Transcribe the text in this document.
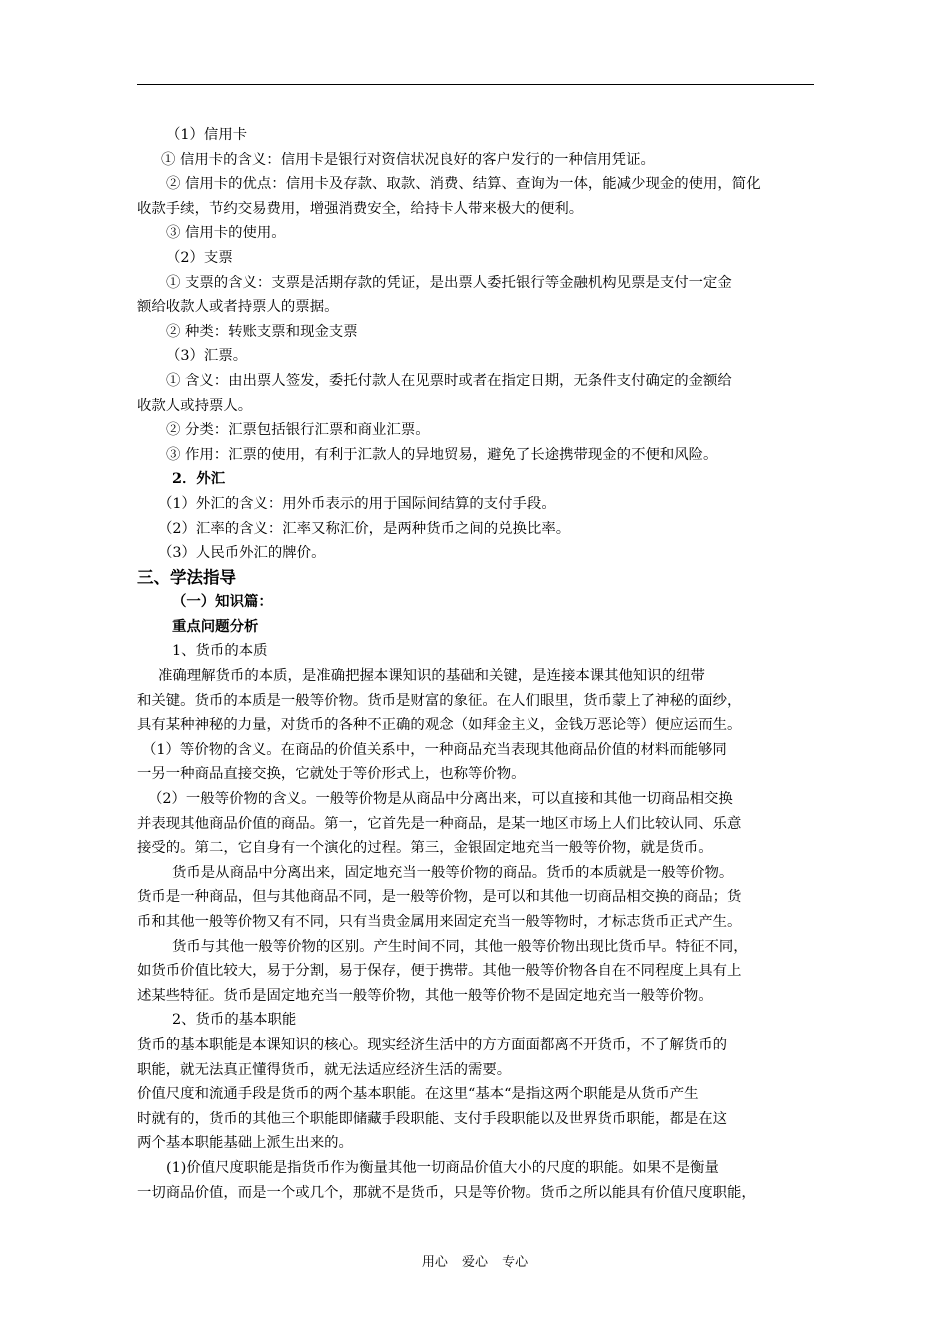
（1）信用卡

① 信用卡的含义：信用卡是银行对资信状况良好的客户发行的一种信用凭证。

② 信用卡的优点：信用卡及存款、取款、消费、结算、查询为一体，能减少现金的使用，简化

收款手续，节约交易费用，增强消费安全，给持卡人带来极大的便利。

③ 信用卡的使用。

（2）支票

① 支票的含义：支票是活期存款的凭证，是出票人委托银行等金融机构见票是支付一定金

额给收款人或者持票人的票据。

② 种类：转账支票和现金支票

（3）汇票。

① 含义：由出票人签发，委托付款人在见票时或者在指定日期，无条件支付确定的金额给

收款人或持票人。

② 分类：汇票包括银行汇票和商业汇票。

③ 作用：汇票的使用，有利于汇款人的异地贸易，避免了长途携带现金的不便和风险。

2．外汇

（1）外汇的含义：用外币表示的用于国际间结算的支付手段。

（2）汇率的含义：汇率又称汇价，是两种货币之间的兑换比率。

（3）人民币外汇的牌价。

三、学法指导

（一）知识篇：

重点问题分析

1、货币的本质

准确理解货币的本质，是准确把握本课知识的基础和关键，是连接本课其他知识的纽带

和关键。货币的本质是一般等价物。货币是财富的象征。在人们眼里，货币蒙上了神秘的面纱，

具有某种神秘的力量，对货币的各种不正确的观念（如拜金主义，金钱万恶论等）便应运而生。

（1）等价物的含义。在商品的价值关系中，一种商品充当表现其他商品价值的材料而能够同

一另一种商品直接交换，它就处于等价形式上，也称等价物。

（2）一般等价物的含义。一般等价物是从商品中分离出来，可以直接和其他一切商品相交换

并表现其他商品价值的商品。第一，它首先是一种商品，是某一地区市场上人们比较认同、乐意

接受的。第二，它自身有一个演化的过程。第三，金银固定地充当一般等价物，就是货币。

货币是从商品中分离出来，固定地充当一般等价物的商品。货币的本质就是一般等价物。

货币是一种商品，但与其他商品不同，是一般等价物，是可以和其他一切商品相交换的商品；货

币和其他一般等价物又有不同，只有当贵金属用来固定充当一般等物时，才标志货币正式产生。

货币与其他一般等价物的区别。产生时间不同，其他一般等价物出现比货币早。特征不同，

如货币价值比较大，易于分割，易于保存，便于携带。其他一般等价物各自在不同程度上具有上

述某些特征。货币是固定地充当一般等价物，其他一般等价物不是固定地充当一般等价物。

2、货币的基本职能

货币的基本职能是本课知识的核心。现实经济生活中的方方面面都离不开货币，不了解货币的

职能，就无法真正懂得货币，就无法适应经济生活的需要。

价值尺度和流通手段是货币的两个基本职能。在这里“基本“是指这两个职能是从货币产生

时就有的，货币的其他三个职能即储藏手段职能、支付手段职能以及世界货币职能，都是在这

两个基本职能基础上派生出来的。

(1)价值尺度职能是指货币作为衡量其他一切商品价值大小的尺度的职能。如果不是衡量

一切商品价值，而是一个或几个，那就不是货币，只是等价物。货币之所以能具有价值尺度职能，

用心 爱心 专心
